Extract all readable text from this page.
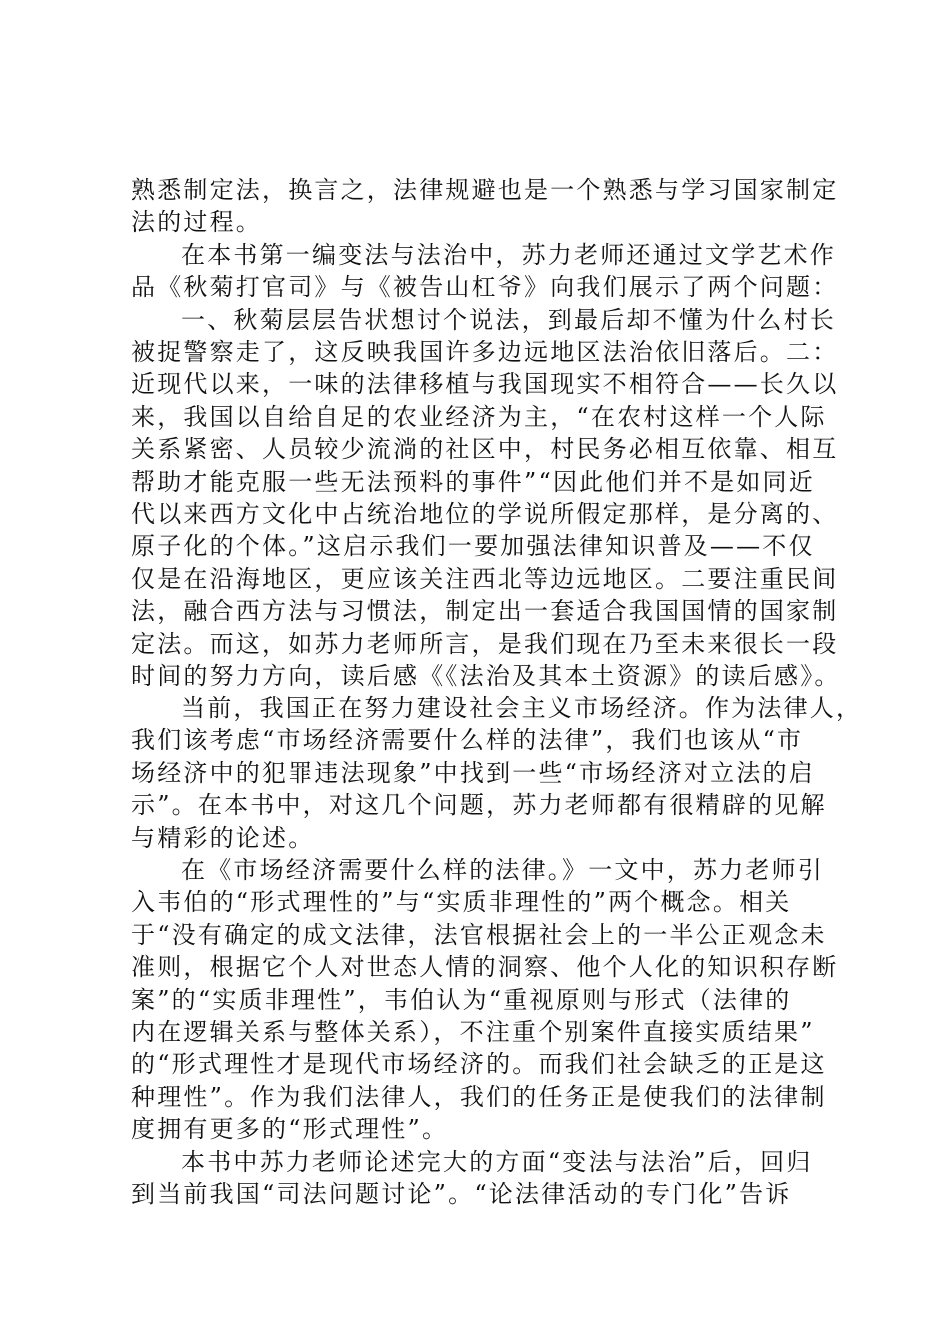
熟悉制定法，换言之，法律规避也是一个熟悉与学习国家制定

法的过程。

在本书第一编变法与法治中，苏力老师还通过文学艺术作

品《秋菊打官司》与《被告山杠爷》向我们展示了两个问题：

一、秋菊层层告状想讨个说法，到最后却不懂为什么村长

被捉警察走了，这反映我国许多边远地区法治依旧落后。二：

近现代以来，一味的法律移植与我国现实不相符合——长久以

来，我国以自给自足的农业经济为主，“在农村这样一个人际

关系紧密、人员较少流淌的社区中，村民务必相互依靠、相互

帮助才能克服一些无法预料的事件”“因此他们并不是如同近

代以来西方文化中占统治地位的学说所假定那样，是分离的、

原子化的个体。”这启示我们一要加强法律知识普及——不仅

仅是在沿海地区，更应该关注西北等边远地区。二要注重民间

法，融合西方法与习惯法，制定出一套适合我国国情的国家制

定法。而这，如苏力老师所言，是我们现在乃至未来很长一段

时间的努力方向，读后感《《法治及其本土资源》的读后感》。

当前，我国正在努力建设社会主义市场经济。作为法律人，

我们该考虑“市场经济需要什么样的法律”，我们也该从“市

场经济中的犯罪违法现象”中找到一些“市场经济对立法的启

示”。在本书中，对这几个问题，苏力老师都有很精辟的见解

与精彩的论述。

在《市场经济需要什么样的法律。》一文中，苏力老师引

入韦伯的“形式理性的”与“实质非理性的”两个概念。相关

于“没有确定的成文法律，法官根据社会上的一半公正观念未

准则，根据它个人对世态人情的洞察、他个人化的知识积存断

案”的“实质非理性”，韦伯认为“重视原则与形式（法律的

内在逻辑关系与整体关系），不注重个别案件直接实质结果”

的“形式理性才是现代市场经济的。而我们社会缺乏的正是这

种理性”。作为我们法律人，我们的任务正是使我们的法律制

度拥有更多的“形式理性”。

本书中苏力老师论述完大的方面“变法与法治”后，回归

到当前我国“司法问题讨论”。“论法律活动的专门化”告诉
